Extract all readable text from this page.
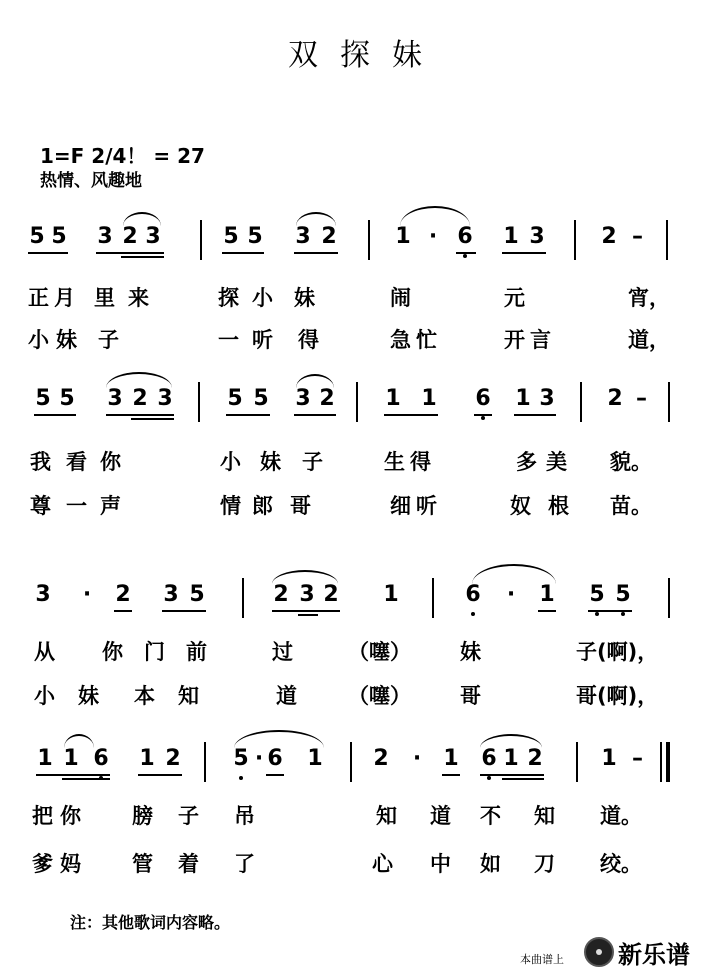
双探妹
1=F 2/4！ = 27
热情、风趣地
5 5 3 2 3	5 5 3 2	1 · 6 1 3	2 –
正 月 里 来	探 小 妹	闹	元	宵，
小 妹 子	一 听 得	急 忙	开 言	道，
5 5 3 2 3 5 5 3 2 1 1 6 1 3 2 –
我 看 你	小 妹 子	生 得	多 美 貌。
尊 一 声	情 郎 哥	细 听	奴 根 苗。
3 · 2 3 5	2 3 2 1	6 · 1 5 5
从 你 门 前	过	（噻） 妹	子(啊)，
小 妹 本 知	道 （噻） 哥	哥(啊)，
1 1 6 1 2 5 · 6 1 2 · 1 6 1 2	1 –
把 你 膀 子 吊	知 道 不 知 道。
爹 妈 管 着 了	心 中 如 刀 绞。
注：其他歌词内容略。
本曲谱上 新乐谱
